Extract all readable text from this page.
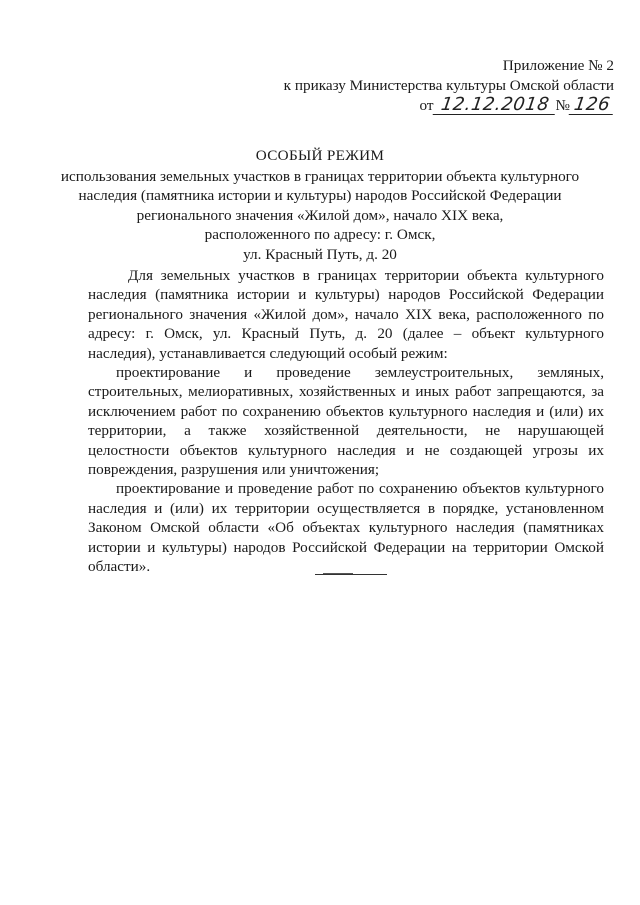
Приложение № 2
к приказу Министерства культуры Омской области
от 12.12.2018 № 126
ОСОБЫЙ РЕЖИМ
использования земельных участков в границах территории объекта культурного
наследия (памятника истории и культуры) народов Российской Федерации
регионального значения «Жилой дом», начало XIX века,
расположенного по адресу: г. Омск,
ул. Красный Путь, д. 20

Для земельных участков в границах территории объекта культурного наследия (памятника истории и культуры) народов Российской Федерации регионального значения «Жилой дом», начало XIX века, расположенного по адресу: г. Омск, ул. Красный Путь, д. 20 (далее – объект культурного наследия), устанавливается следующий особый режим:

проектирование и проведение землеустроительных, земляных, строительных, мелиоративных, хозяйственных и иных работ запрещаются, за исключением работ по сохранению объектов культурного наследия и (или) их территории, а также хозяйственной деятельности, не нарушающей целостности объектов культурного наследия и не создающей угрозы их повреждения, разрушения или уничтожения;

проектирование и проведение работ по сохранению объектов культурного наследия и (или) их территории осуществляется в порядке, установленном Законом Омской области «Об объектах культурного наследия (памятниках истории и культуры) народов Российской Федерации на территории Омской области».
